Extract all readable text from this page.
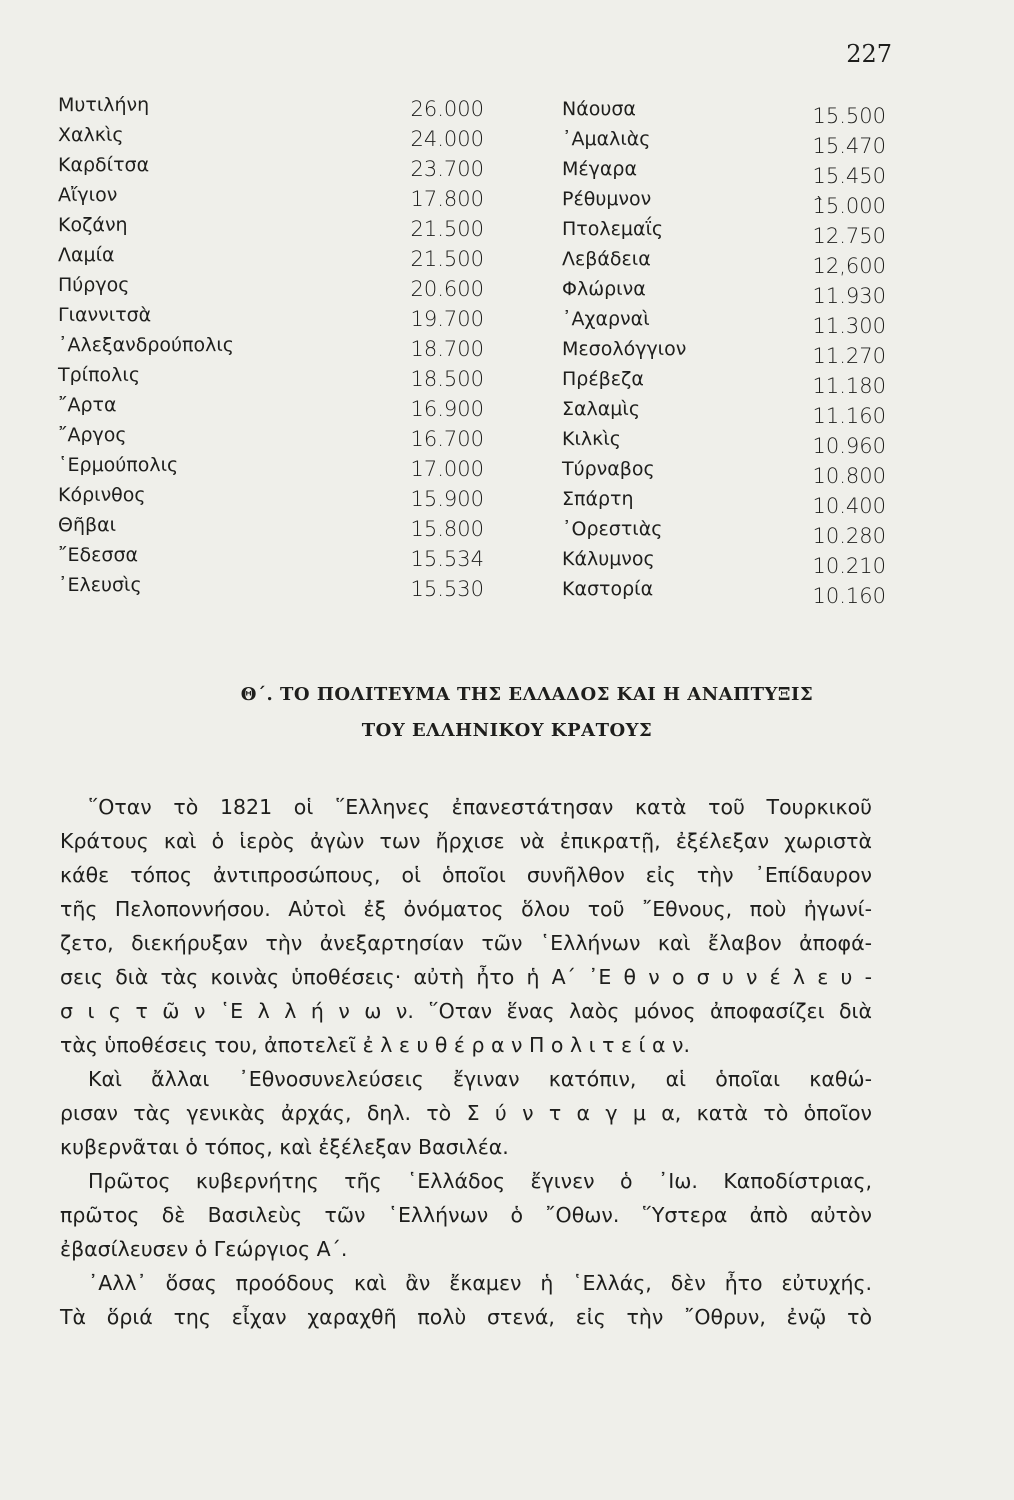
227
Μυτιλήνη
Χαλκὶς
Καρδίτσα
Αἴγιον
Κοζάνη
Λαμία
Πύργος
Γιαννιτσὰ
᾿Αλεξανδρούπολις
Τρίπολις
῎Αρτα
῎Αργος
῾Ερμούπολις
Κόρινθος
Θῆβαι
῎Εδεσσα
᾿Ελευσὶς
26.000
24.000
23.700
17.800
21.500
21.500
20.600
19.700
18.700
18.500
16.900
16.700
17.000
15.900
15.800
15.534
15.530
Νάουσα
᾿Αμαλιὰς
Μέγαρα
Ρέθυμνον
Πτολεμαΐς
Λεβάδεια
Φλώρινα
᾿Αχαρναὶ
Μεσολόγγιον
Πρέβεζα
Σαλαμὶς
Κιλκὶς
Τύρναβος
Σπάρτη
᾿Ορεστιὰς
Κάλυμνος
Καστορία
15.500
15.470
15.450
1̀5.000
12.750
12,600
11.930
11.300
11.270
11.180
11.160
10.960
10.800
10.400
10.280
10.210
10.160
Θ΄. ΤΟ ΠΟΛΙΤΕΥΜΑ ΤΗΣ ΕΛΛΑΔΟΣ ΚΑΙ Η ΑΝΑΠΤΥΞΙΣ
ΤΟΥ ΕΛΛΗΝΙΚΟΥ ΚΡΑΤΟΥΣ
῞Οταν τὸ 1821 οἱ ῞Ελληνες ἐπανεστάτησαν κατὰ τοῦ Τουρκικοῦ
Κράτους καὶ ὁ ἱερὸς ἀγὼν των ἤρχισε νὰ ἐπικρατῇ, ἐξέλεξαν χωριστὰ
κάθε τόπος ἀντιπροσώπους, οἱ ὁποῖοι συνῆλθον εἰς τὴν ᾿Επίδαυρον
τῆς Πελοποννήσου. Αὐτοὶ ἐξ ὀνόματος ὅλου τοῦ ῎Εθνους, ποὺ ἠγωνί-
ζετο, διεκήρυξαν τὴν ἀνεξαρτησίαν τῶν ῾Ελλήνων καὶ ἔλαβον ἀποφά-
σεις διὰ τὰς κοινὰς ὑποθέσεις· αὐτὴ ἦτο ἡ Α΄ ᾿Ε θ ν ο σ υ ν έ λ ε υ -
σ ι ς τ ῶ ν ῾Ε λ λ ή ν ω ν. ῞Οταν ἕνας λαὸς μόνος ἀποφασίζει διὰ
τὰς ὑποθέσεις του, ἀποτελεῖ ἐ λ ε υ θ έ ρ α ν Π ο λ ι τ ε ί α ν.
Καὶ ἄλλαι ᾿Εθνοσυνελεύσεις ἔγιναν κατόπιν, αἱ ὁποῖαι καθώ-
ρισαν τὰς γενικὰς ἀρχάς, δηλ. τὸ Σ ύ ν τ α γ μ α, κατὰ τὸ ὁποῖον
κυβερνᾶται ὁ τόπος, καὶ ἐξέλεξαν Βασιλέα.
Πρῶτος κυβερνήτης τῆς ῾Ελλάδος ἔγινεν ὁ ᾿Ιω. Καποδίστριας,
πρῶτος δὲ Βασιλεὺς τῶν ῾Ελλήνων ὁ ῎Οθων. ῞Υστερα ἀπὸ αὐτὸν
ἐβασίλευσεν ὁ Γεώργιος Α΄.
᾿Αλλ᾿ ὅσας προόδους καὶ ἂν ἔκαμεν ἡ ῾Ελλάς, δὲν ἦτο εὐτυχής.
Τὰ ὅριά της εἶχαν χαραχθῆ πολὺ στενά, εἰς τὴν ῎Οθρυν, ἐνῷ τὸ
